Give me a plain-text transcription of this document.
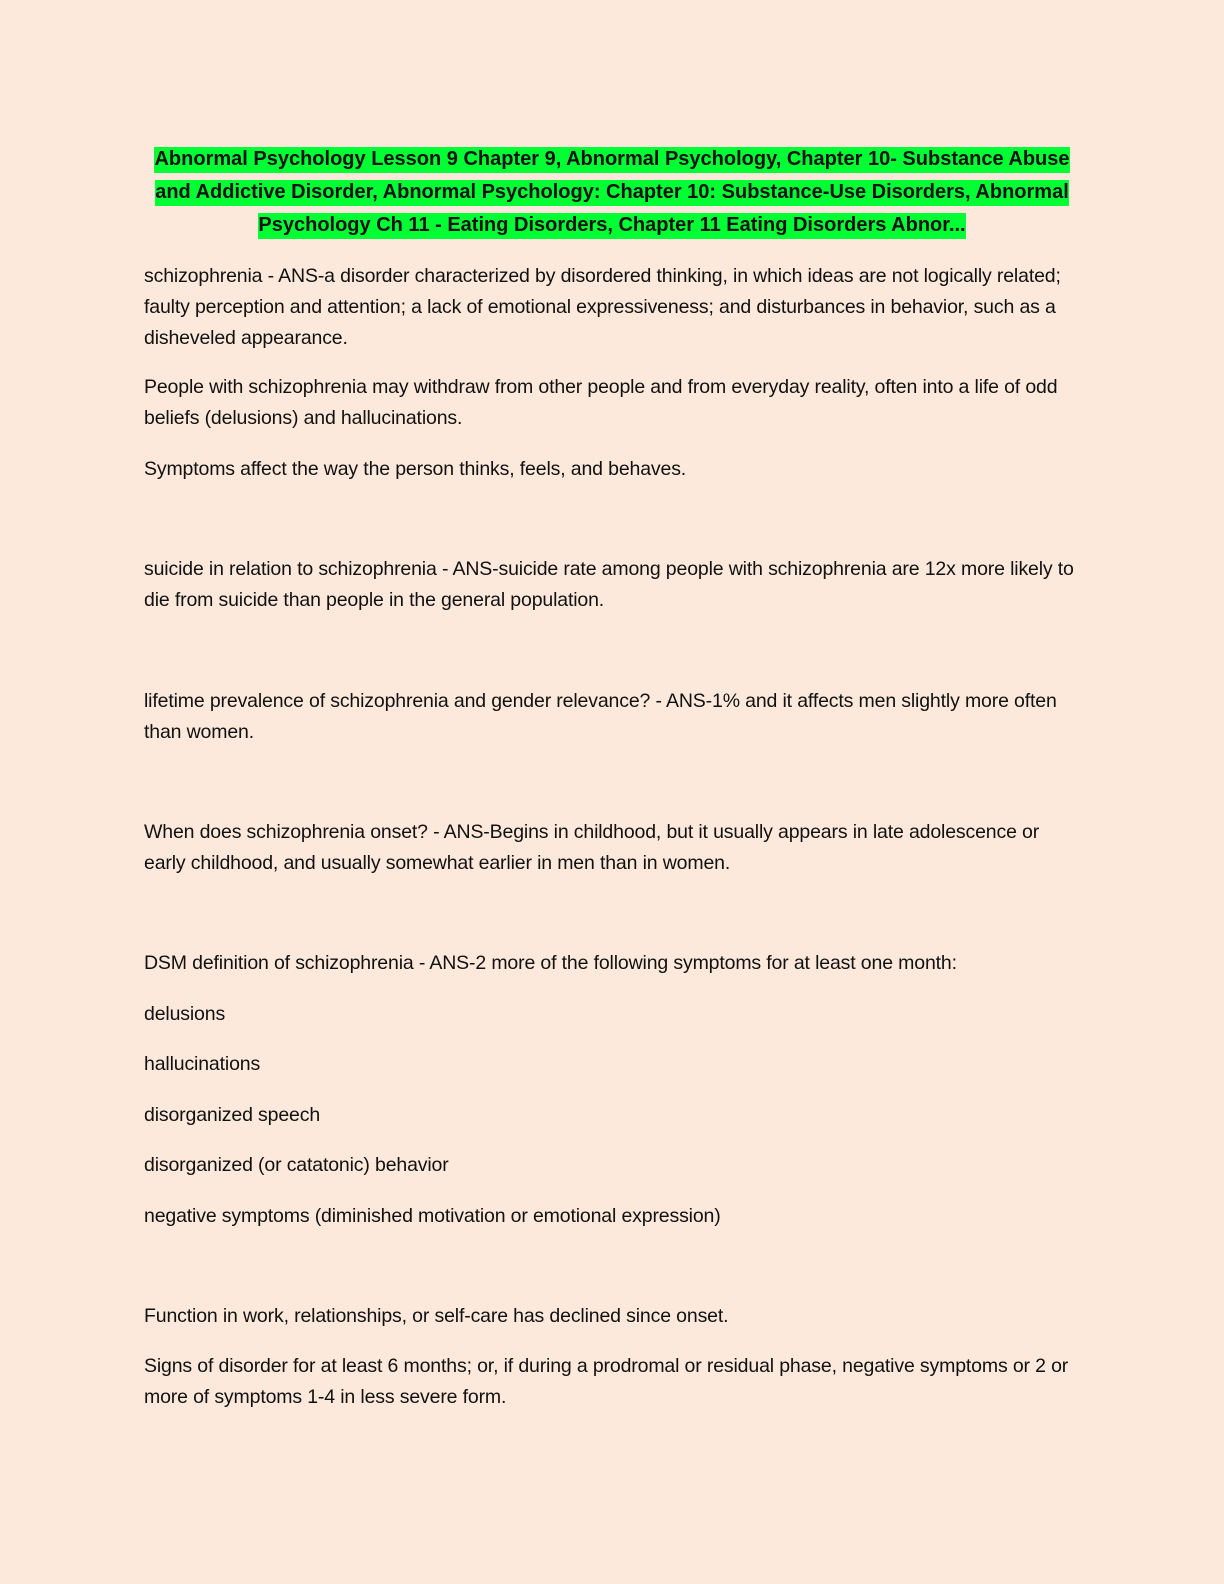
Abnormal Psychology Lesson 9 Chapter 9, Abnormal Psychology, Chapter 10- Substance Abuse and Addictive Disorder, Abnormal Psychology: Chapter 10: Substance-Use Disorders, Abnormal Psychology Ch 11 - Eating Disorders, Chapter 11 Eating Disorders Abnor...

schizophrenia - ANS-a disorder characterized by disordered thinking, in which ideas are not logically related; faulty perception and attention; a lack of emotional expressiveness; and disturbances in behavior, such as a disheveled appearance.

People with schizophrenia may withdraw from other people and from everyday reality, often into a life of odd beliefs (delusions) and hallucinations.

Symptoms affect the way the person thinks, feels, and behaves.

suicide in relation to schizophrenia - ANS-suicide rate among people with schizophrenia are 12x more likely to die from suicide than people in the general population.

lifetime prevalence of schizophrenia and gender relevance? - ANS-1% and it affects men slightly more often than women.

When does schizophrenia onset? - ANS-Begins in childhood, but it usually appears in late adolescence or early childhood, and usually somewhat earlier in men than in women.

DSM definition of schizophrenia - ANS-2 more of the following symptoms for at least one month:

delusions

hallucinations

disorganized speech

disorganized (or catatonic) behavior

negative symptoms (diminished motivation or emotional expression)

Function in work, relationships, or self-care has declined since onset.

Signs of disorder for at least 6 months; or, if during a prodromal or residual phase, negative symptoms or 2 or more of symptoms 1-4 in less severe form.
